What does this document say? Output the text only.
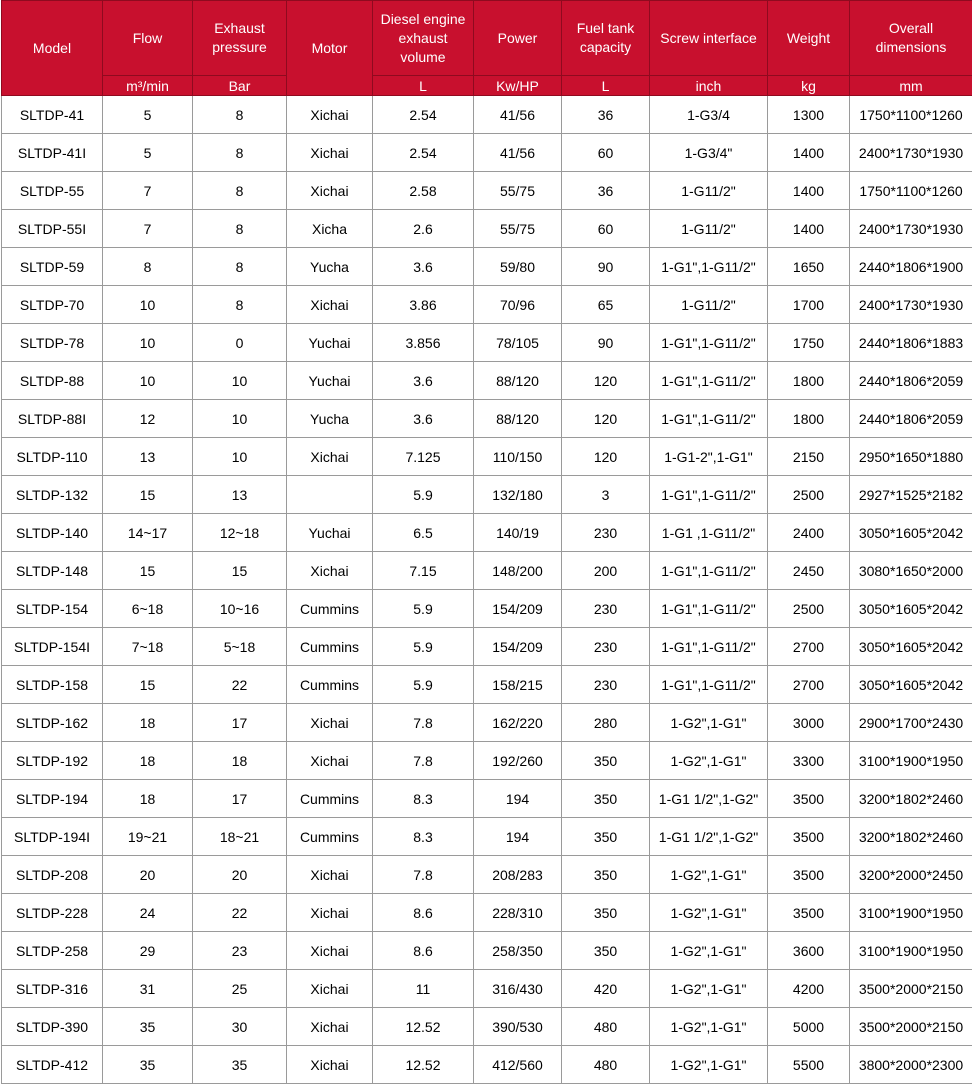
Model	Flow	Exhaust pressure	Motor	Diesel engine exhaust volume	Power	Fuel tank capacity	Screw interface	Weight	Overall dimensions
	m³/min	Bar		L	Kw/HP	L	inch	kg	mm
SLTDP-41	5	8	Xichai	2.54	41/56	36	1-G3/4	1300	1750*1100*1260
SLTDP-41I	5	8	Xichai	2.54	41/56	60	1-G3/4"	1400	2400*1730*1930
SLTDP-55	7	8	Xichai	2.58	55/75	36	1-G11/2"	1400	1750*1100*1260
SLTDP-55I	7	8	Xicha	2.6	55/75	60	1-G11/2"	1400	2400*1730*1930
SLTDP-59	8	8	Yucha	3.6	59/80	90	1-G1",1-G11/2"	1650	2440*1806*1900
SLTDP-70	10	8	Xichai	3.86	70/96	65	1-G11/2"	1700	2400*1730*1930
SLTDP-78	10	0	Yuchai	3.856	78/105	90	1-G1",1-G11/2"	1750	2440*1806*1883
SLTDP-88	10	10	Yuchai	3.6	88/120	120	1-G1",1-G11/2"	1800	2440*1806*2059
SLTDP-88I	12	10	Yucha	3.6	88/120	120	1-G1",1-G11/2"	1800	2440*1806*2059
SLTDP-110	13	10	Xichai	7.125	110/150	120	1-G1-2",1-G1"	2150	2950*1650*1880
SLTDP-132	15	13		5.9	132/180	3	1-G1",1-G11/2"	2500	2927*1525*2182
SLTDP-140	14~17	12~18	Yuchai	6.5	140/19	230	1-G1 ,1-G11/2"	2400	3050*1605*2042
SLTDP-148	15	15	Xichai	7.15	148/200	200	1-G1",1-G11/2"	2450	3080*1650*2000
SLTDP-154	6~18	10~16	Cummins	5.9	154/209	230	1-G1",1-G11/2"	2500	3050*1605*2042
SLTDP-154I	7~18	5~18	Cummins	5.9	154/209	230	1-G1",1-G11/2"	2700	3050*1605*2042
SLTDP-158	15	22	Cummins	5.9	158/215	230	1-G1",1-G11/2"	2700	3050*1605*2042
SLTDP-162	18	17	Xichai	7.8	162/220	280	1-G2",1-G1"	3000	2900*1700*2430
SLTDP-192	18	18	Xichai	7.8	192/260	350	1-G2",1-G1"	3300	3100*1900*1950
SLTDP-194	18	17	Cummins	8.3	194	350	1-G1 1/2",1-G2"	3500	3200*1802*2460
SLTDP-194I	19~21	18~21	Cummins	8.3	194	350	1-G1 1/2",1-G2"	3500	3200*1802*2460
SLTDP-208	20	20	Xichai	7.8	208/283	350	1-G2",1-G1"	3500	3200*2000*2450
SLTDP-228	24	22	Xichai	8.6	228/310	350	1-G2",1-G1"	3500	3100*1900*1950
SLTDP-258	29	23	Xichai	8.6	258/350	350	1-G2",1-G1"	3600	3100*1900*1950
SLTDP-316	31	25	Xichai	11	316/430	420	1-G2",1-G1"	4200	3500*2000*2150
SLTDP-390	35	30	Xichai	12.52	390/530	480	1-G2",1-G1"	5000	3500*2000*2150
SLTDP-412	35	35	Xichai	12.52	412/560	480	1-G2",1-G1"	5500	3800*2000*2300
